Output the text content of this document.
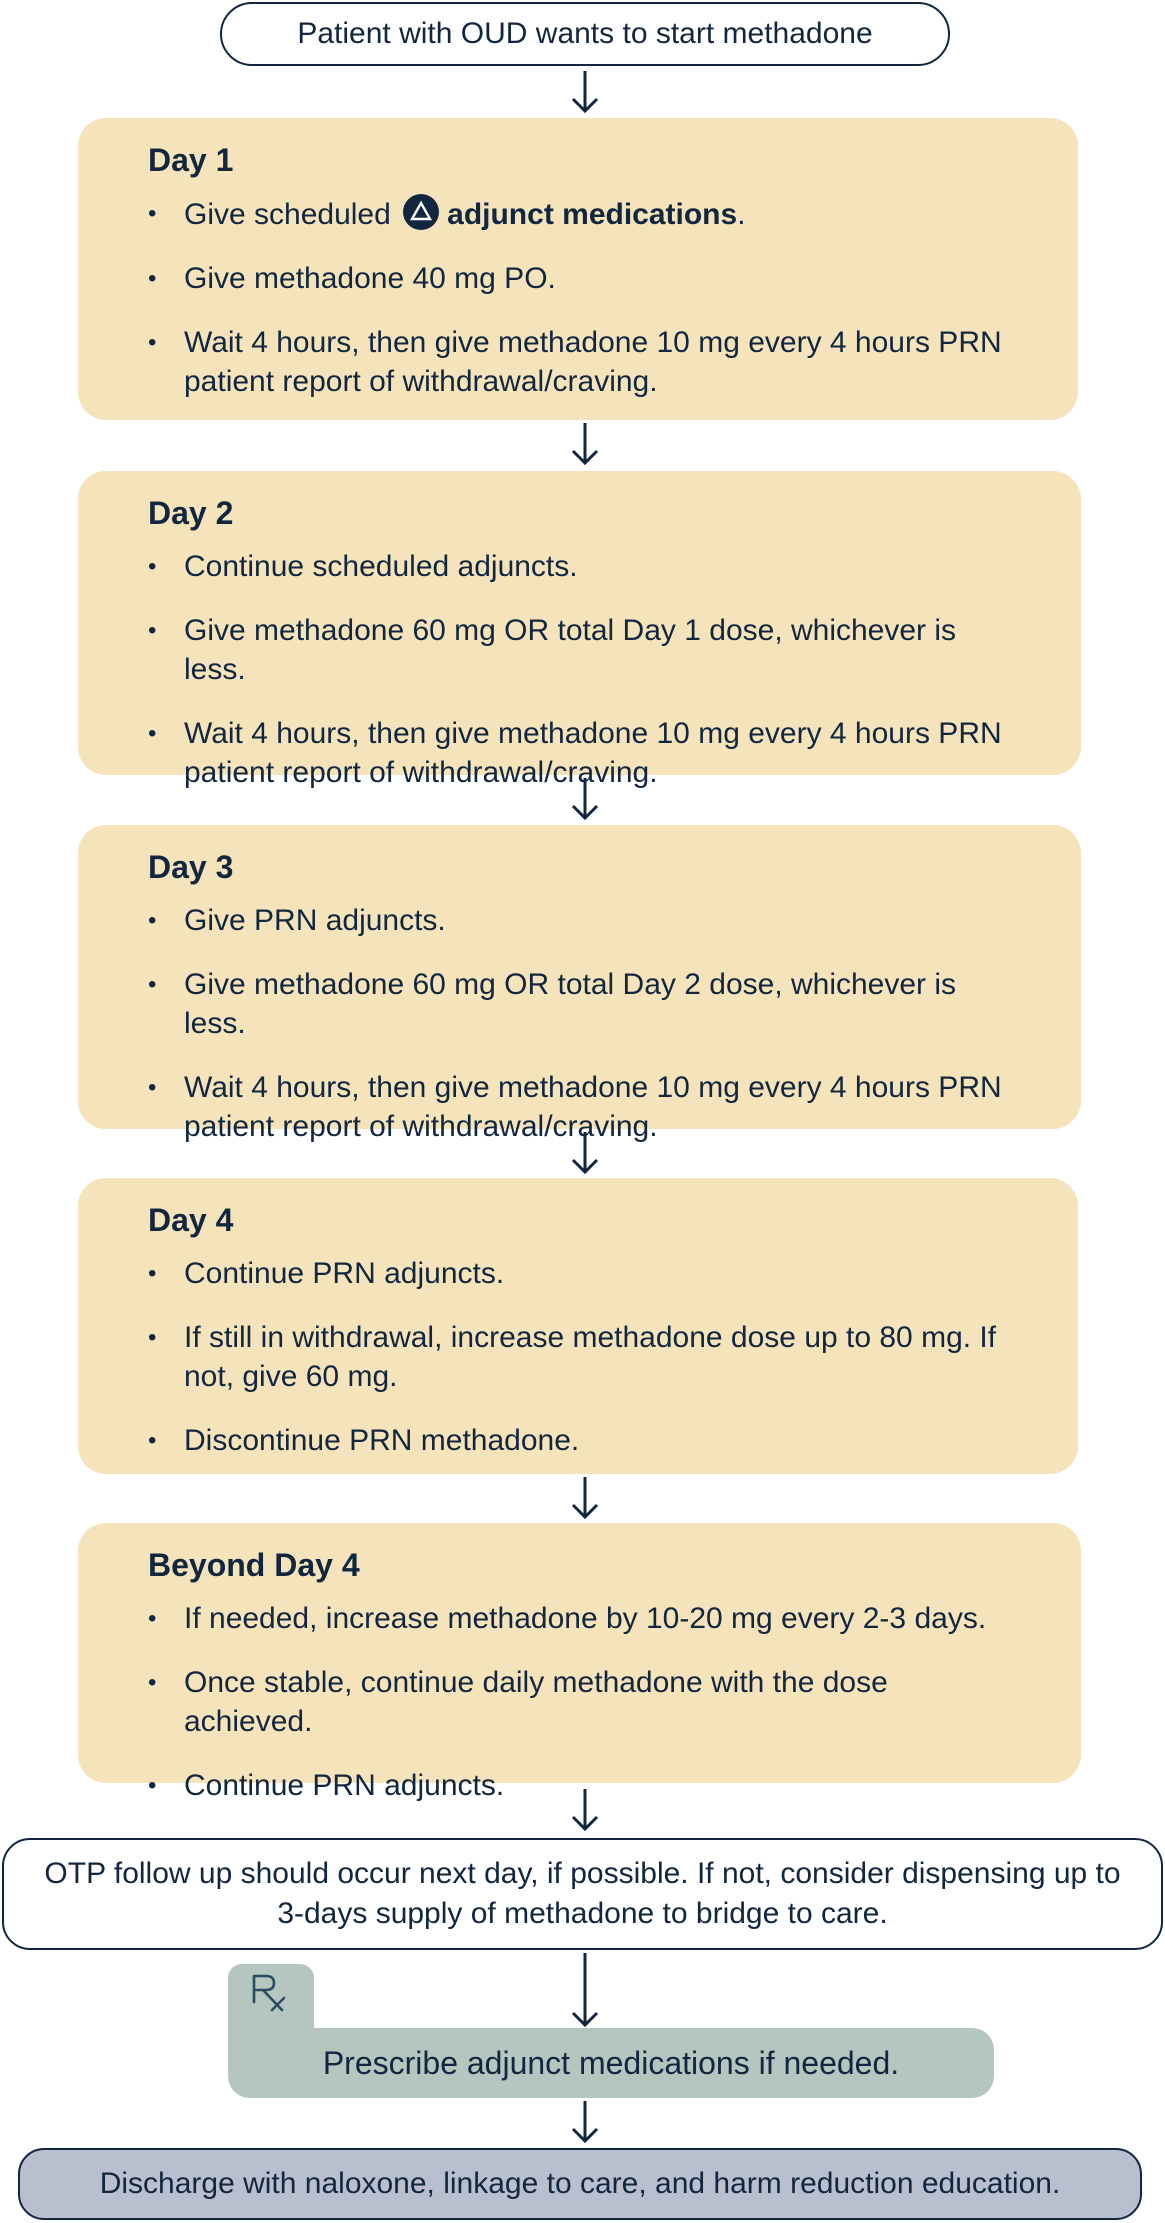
Patient with OUD wants to start methadone
Day 1
• Give scheduled adjunct medications.
• Give methadone 40 mg PO.
• Wait 4 hours, then give methadone 10 mg every 4 hours PRN patient report of withdrawal/craving.
Day 2
• Continue scheduled adjuncts.
• Give methadone 60 mg OR total Day 1 dose, whichever is less.
• Wait 4 hours, then give methadone 10 mg every 4 hours PRN patient report of withdrawal/craving.
Day 3
• Give PRN adjuncts.
• Give methadone 60 mg OR total Day 2 dose, whichever is less.
• Wait 4 hours, then give methadone 10 mg every 4 hours PRN patient report of withdrawal/craving.
Day 4
• Continue PRN adjuncts.
• If still in withdrawal, increase methadone dose up to 80 mg. If not, give 60 mg.
• Discontinue PRN methadone.
Beyond Day 4
• If needed, increase methadone by 10-20 mg every 2-3 days.
• Once stable, continue daily methadone with the dose achieved.
• Continue PRN adjuncts.
OTP follow up should occur next day, if possible. If not, consider dispensing up to 3-days supply of methadone to bridge to care.
Prescribe adjunct medications if needed.
Discharge with naloxone, linkage to care, and harm reduction education.
